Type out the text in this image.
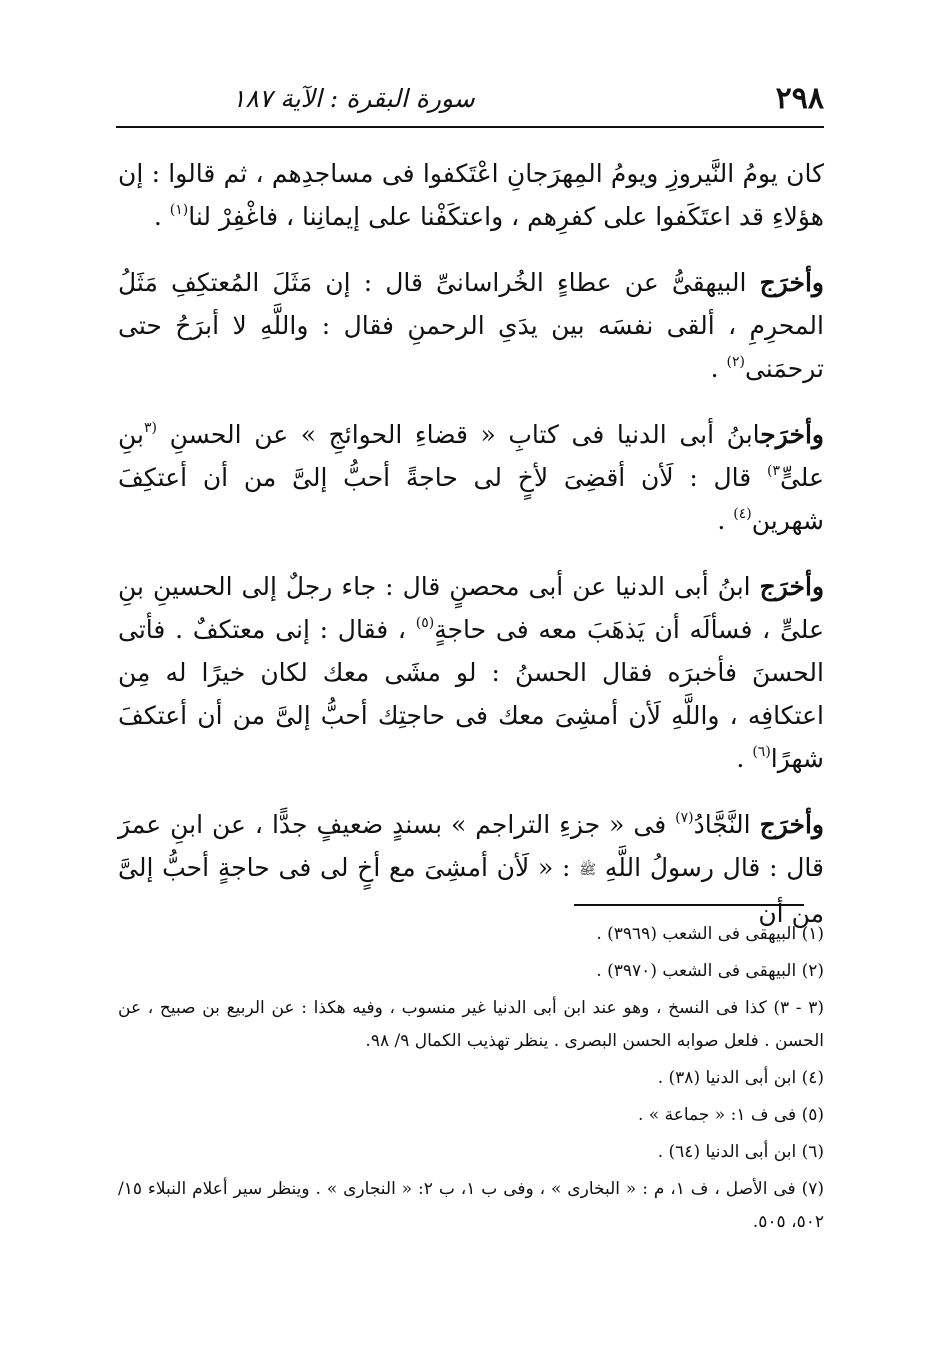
٢٩٨
سورة البقرة : الآية ١٨٧

كان يومُ النَّيروزِ ويومُ المِهرَجانِ اعْتَكفوا فى مساجدِهم ، ثم قالوا : إن هؤلاءِ قد اعتَكَفوا على كفرِهم ، واعتكَفْنا على إيمانِنا ، فاغْفِرْ لنا$^{(١)}$ .

وأخرَج البيهقىُّ عن عطاءٍ الخُراسانىِّ قال : إن مَثَلَ المُعتكِفِ مَثَلُ المحرِمِ ، ألقى نفسَه بين يدَىِ الرحمنِ فقال : واللَّهِ لا أبرَحُ حتى ترحمَنى$^{(٢)}$ .

وأخرَجابنُ أبى الدنيا فى كتابِ « قضاءِ الحوائجِ » عن الحسنِ $^{(٣}$بنِ علىٍّ$^{٣)}$ قال : لَأن أقضِىَ لأخٍ لى حاجةً أحبُّ إلىَّ من أن أعتكِفَ شهرين$^{(٤)}$ .

وأخرَج ابنُ أبى الدنيا عن أبى محصنٍ قال : جاء رجلٌ إلى الحسينِ بنِ علىٍّ ، فسألَه أن يَذهَبَ معه فى حاجةٍ$^{(٥)}$ ، فقال : إنى معتكفٌ . فأتى الحسنَ فأخبرَه فقال الحسنُ : لو مشَى معك لكان خيرًا له مِن اعتكافِه ، واللَّهِ لَأن أمشِىَ معك فى حاجتِك أحبُّ إلىَّ من أن أعتكفَ شهرًا$^{(٦)}$ .

وأخرَج النَّجَّادُ$^{(٧)}$ فى « جزءِ التراجم » بسندٍ ضعيفٍ جدًّا ، عن ابنِ عمرَ قال : قال رسولُ اللَّهِ ﷺ : « لَأن أمشِىَ مع أخٍ لى فى حاجةٍ أحبُّ إلىَّ من أن

(١) البيهقى فى الشعب (٣٩٦٩) .

(٢) البيهقى فى الشعب (٣٩٧٠) .

(٣ - ٣) كذا فى النسخ ، وهو عند ابن أبى الدنيا غير منسوب ، وفيه هكذا : عن الربيع بن صبيح ، عن الحسن . فلعل صوابه الحسن البصرى . ينظر تهذيب الكمال ٩/ ٩٨.

(٤) ابن أبى الدنيا (٣٨) .

(٥) فى ف ١: « جماعة » .

(٦) ابن أبى الدنيا (٦٤) .

(٧) فى الأصل ، ف ١، م : « البخارى » ، وفى ب ١، ب ٢: « النجارى » . وينظر سير أعلام النبلاء ١٥/ ٥٠٢، ٥٠٥.
